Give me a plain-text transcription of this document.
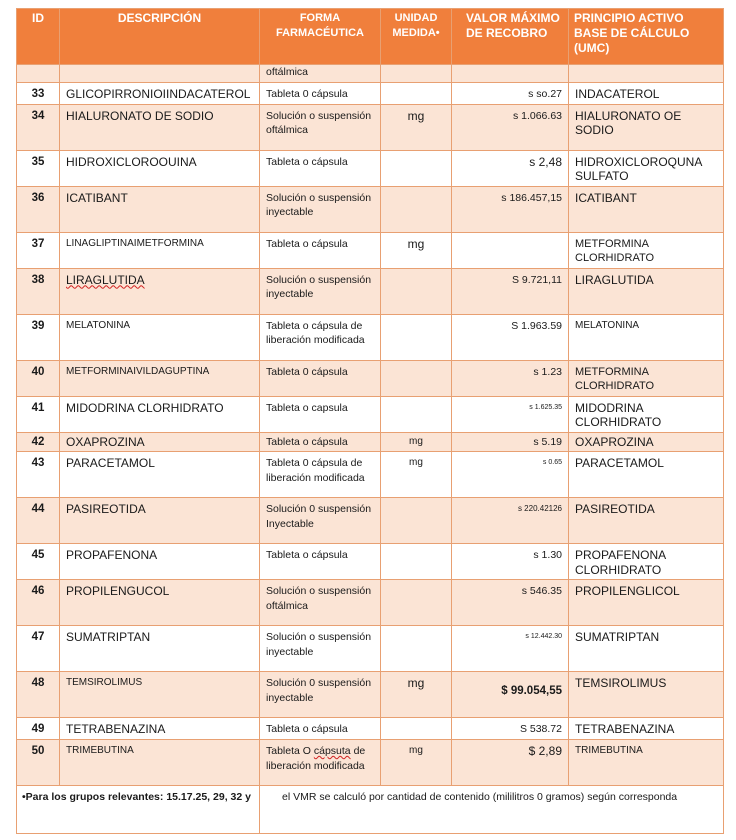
ID	DESCRIPCIÓN	FORMA FARMACÉUTICA	UNIDAD MEDIDA•	VALOR MÁXIMO DE RECOBRO	PRINCIPIO ACTIVO BASE DE CÁLCULO (UMC)
		oftálmica			
33	GLICOPIRRONIOIINDACATEROL	Tableta 0 cápsula		s so.27	INDACATEROL
34	HIALURONATO DE SODIO	Solución o suspensión oftálmica	mg	s 1.066.63	HIALURONATO OE SODIO
35	HIDROXICLOROOUINA	Tableta o cápsula		s 2,48	HIDROXICLOROQUNA SULFATO
36	ICATIBANT	Solución o suspensión inyectable		s 186.457,15	ICATIBANT
37	LINAGLIPTINAIMETFORMINA	Tableta o cápsula	mg		METFORMINA CLORHIDRATO
38	LIRAGLUTIDA	Solución o suspensión inyectable		S 9.721,11	LIRAGLUTIDA
39	MELATONINA	Tableta o cápsula de liberación modificada		S 1.963.59	MELATONINA
40	METFORMINAIVILDAGUPTINA	Tableta 0 cápsula		s 1.23	METFORMINA CLORHIDRATO
41	MIDODRINA CLORHIDRATO	Tableta o capsula		s 1.625.35	MIDODRINA CLORHIDRATO
42	OXAPROZINA	Tableta o cápsula	mg	s 5.19	OXAPROZINA
43	PARACETAMOL	Tableta 0 cápsula de liberación modificada	mg	s 0.65	PARACETAMOL
44	PASIREOTIDA	Solución 0 suspensión Inyectable		s 220.42126	PASIREOTIDA
45	PROPAFENONA	Tableta o cápsula		s 1.30	PROPAFENONA CLORHIDRATO
46	PROPILENGUCOL	Solución o suspensión oftálmica		s 546.35	PROPILENGLICOL
47	SUMATRIPTAN	Solución o suspensión inyectable		s 12.442.30	SUMATRIPTAN
48	TEMSIROLIMUS	Solución 0 suspensión inyectable	mg	$ 99.054,55	TEMSIROLIMUS
49	TETRABENAZINA	Tableta o cápsula		S 538.72	TETRABENAZINA
50	TRIMEBUTINA	Tableta O cápsuta de liberación modificada	mg	$ 2,89	TRIMEBUTINA
•Para los grupos relevantes: 15.17.25, 29, 32 y		el VMR se calculó por cantidad de contenido (mililitros 0 gramos) según corresponda			
